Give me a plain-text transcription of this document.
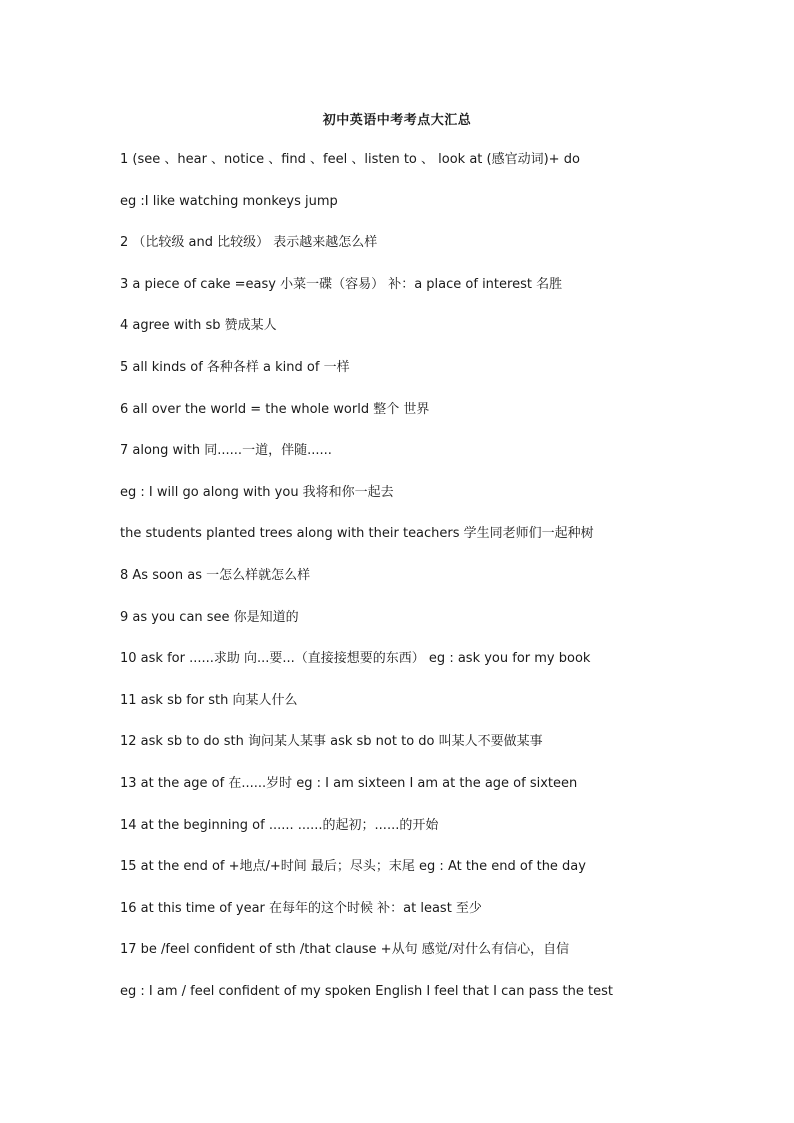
初中英语中考考点大汇总
1 (see 、hear 、notice 、find 、feel 、listen to 、 look at (感官动词)+ do
eg :I like watching monkeys jump
2 （比较级 and 比较级） 表示越来越怎么样
3 a piece of cake =easy 小菜一碟（容易） 补：a place of interest 名胜
4 agree with sb 赞成某人
5 all kinds of 各种各样 a kind of 一样
6 all over the world = the whole world 整个 世界
7 along with 同......一道，伴随......
eg : I will go along with you 我将和你一起去
the students planted trees along with their teachers 学生同老师们一起种树
8 As soon as 一怎么样就怎么样
9 as you can see 你是知道的
10 ask for ......求助 向...要...（直接接想要的东西） eg : ask you for my book
11 ask sb for sth 向某人什么
12 ask sb to do sth 询问某人某事 ask sb not to do 叫某人不要做某事
13 at the age of 在......岁时 eg : I am sixteen I am at the age of sixteen
14 at the beginning of ...... ......的起初；......的开始
15 at the end of +地点/+时间 最后；尽头；末尾 eg : At the end of the day
16 at this time of year 在每年的这个时候 补：at least 至少
17 be /feel confident of sth /that clause +从句 感觉/对什么有信心，自信
eg : I am / feel confident of my spoken English I feel that I can pass the test
